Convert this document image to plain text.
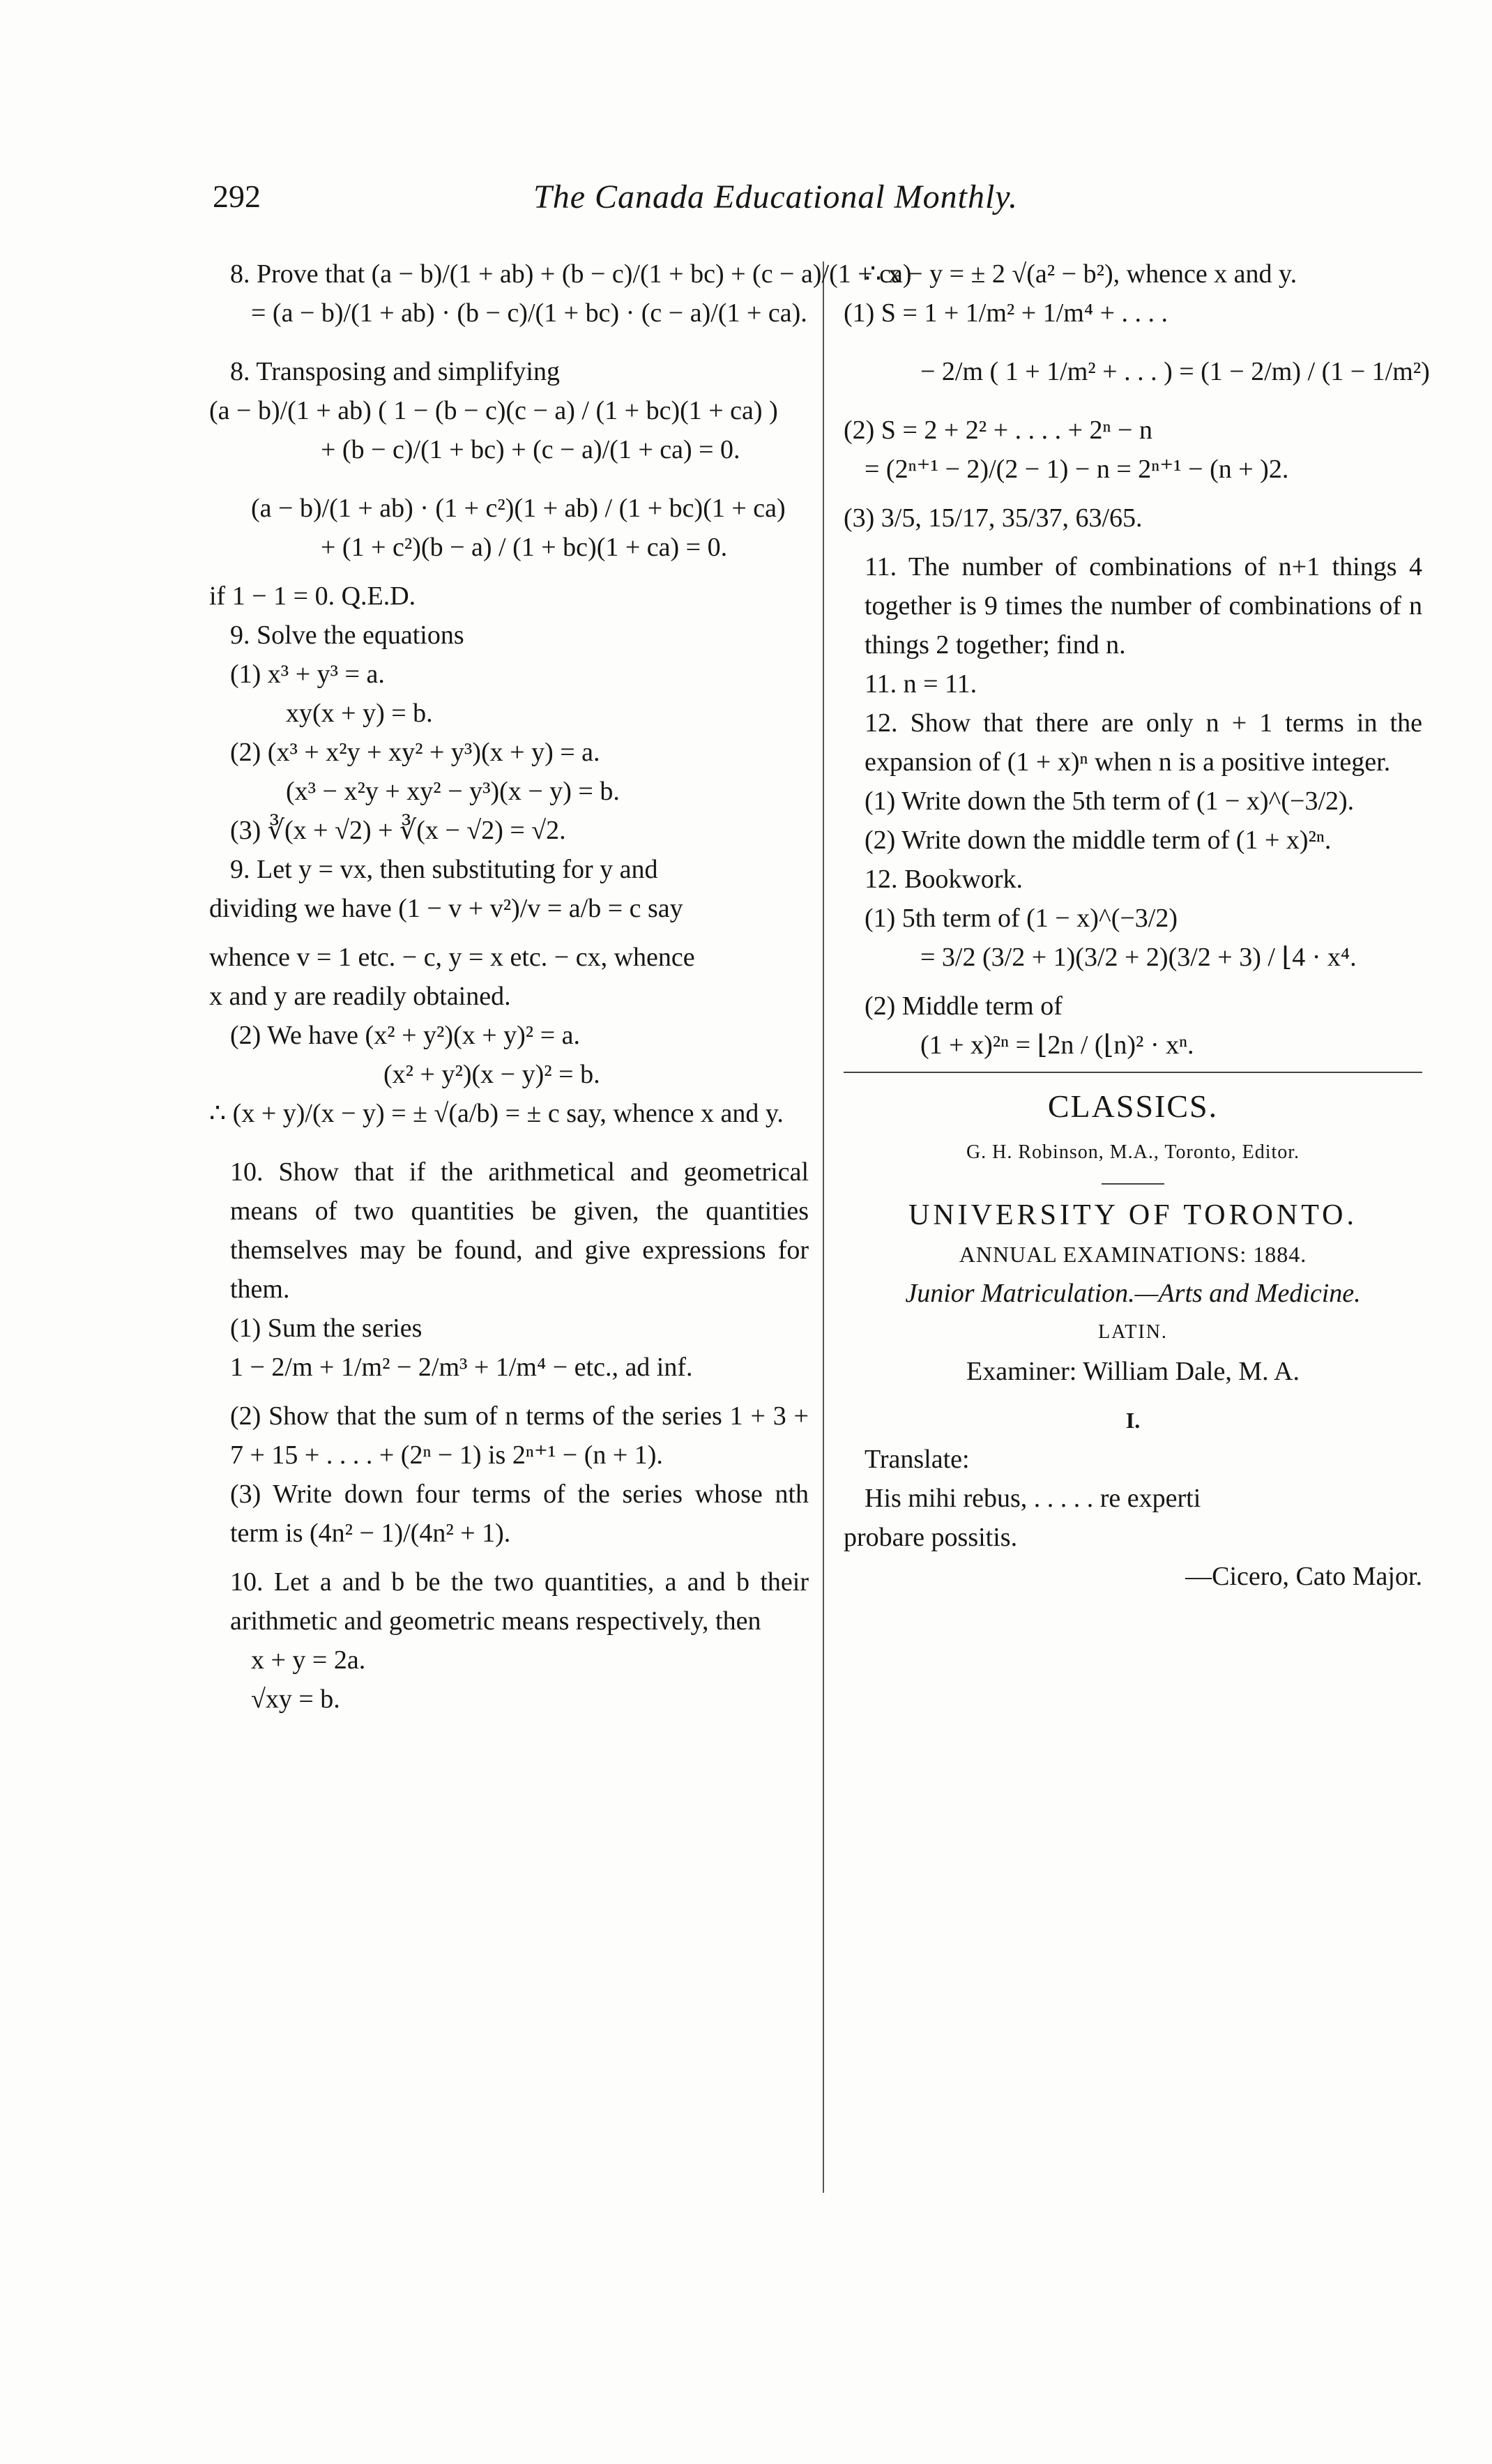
292	The Canada Educational Monthly.
8. Prove that (a − b)/(1 + ab) + (b − c)/(1 + bc) + (c − a)/(1 + ca)
= (a − b)/(1 + ab) · (b − c)/(1 + bc) · (c − a)/(1 + ca).
8. Transposing and simplifying
(a − b)/(1 + ab) ( 1 − (b − c)(c − a) / (1 + bc)(1 + ca) )
+ (b − c)/(1 + bc) + (c − a)/(1 + ca) = 0.
(a − b)/(1 + ab) · (1 + c²)(1 + ab) / (1 + bc)(1 + ca)
+ (1 + c²)(b − a) / (1 + bc)(1 + ca) = 0.
if 1 − 1 = 0. Q.E.D.
9. Solve the equations
(1) x³ + y³ = a.
xy(x + y) = b.
(2) (x³ + x²y + xy² + y³)(x + y) = a.
(x³ − x²y + xy² − y³)(x − y) = b.
(3) ∛(x + √2) + ∛(x − √2) = √2.
9. Let y = vx, then substituting for y and
dividing we have (1 − v + v²)/v = a/b = c say
whence v = 1 etc. − c, y = x etc. − cx, whence
x and y are readily obtained.
(2) We have (x² + y²)(x + y)² = a.
(x² + y²)(x − y)² = b.
∴ (x + y)/(x − y) = ± √(a/b) = ± c say, whence x and y.
10. Show that if the arithmetical and geometrical means of two quantities be given, the quantities themselves may be found, and give expressions for them.
(1) Sum the series
1 − 2/m + 1/m² − 2/m³ + 1/m⁴ − etc., ad inf.
(2) Show that the sum of n terms of the series 1 + 3 + 7 + 15 + . . . . + (2ⁿ − 1) is 2ⁿ⁺¹ − (n + 1).
(3) Write down four terms of the series whose nth term is (4n² − 1)/(4n² + 1).
10. Let a and b be the two quantities, a and b their arithmetic and geometric means respectively, then
x + y = 2a.
√xy = b.
∴ x − y = ± 2 √(a² − b²), whence x and y.
(1) S = 1 + 1/m² + 1/m⁴ + . . . .
− 2/m ( 1 + 1/m² + . . . ) = (1 − 2/m) / (1 − 1/m²)
(2) S = 2 + 2² + . . . . + 2ⁿ − n
= (2ⁿ⁺¹ − 2)/(2 − 1) − n = 2ⁿ⁺¹ − (n + )2.
(3) 3/5, 15/17, 35/37, 63/65.
11. The number of combinations of n+1 things 4 together is 9 times the number of combinations of n things 2 together; find n.
11. n = 11.
12. Show that there are only n + 1 terms in the expansion of (1 + x)ⁿ when n is a positive integer.
(1) Write down the 5th term of (1 − x)^(−3/2).
(2) Write down the middle term of (1 + x)²ⁿ.
12. Bookwork.
(1) 5th term of (1 − x)^(−3/2)
= 3/2 (3/2 + 1)(3/2 + 2)(3/2 + 3) / ⌊4 · x⁴.
(2) Middle term of
(1 + x)²ⁿ = ⌊2n / (⌊n)² · xⁿ.
CLASSICS.
G. H. Robinson, M.A., Toronto, Editor.
UNIVERSITY OF TORONTO.
ANNUAL EXAMINATIONS: 1884.
Junior Matriculation.—Arts and Medicine.
LATIN.
Examiner: William Dale, M. A.
I.
Translate:
His mihi rebus, . . . . . re experti
probare possitis.
—Cicero, Cato Major.
